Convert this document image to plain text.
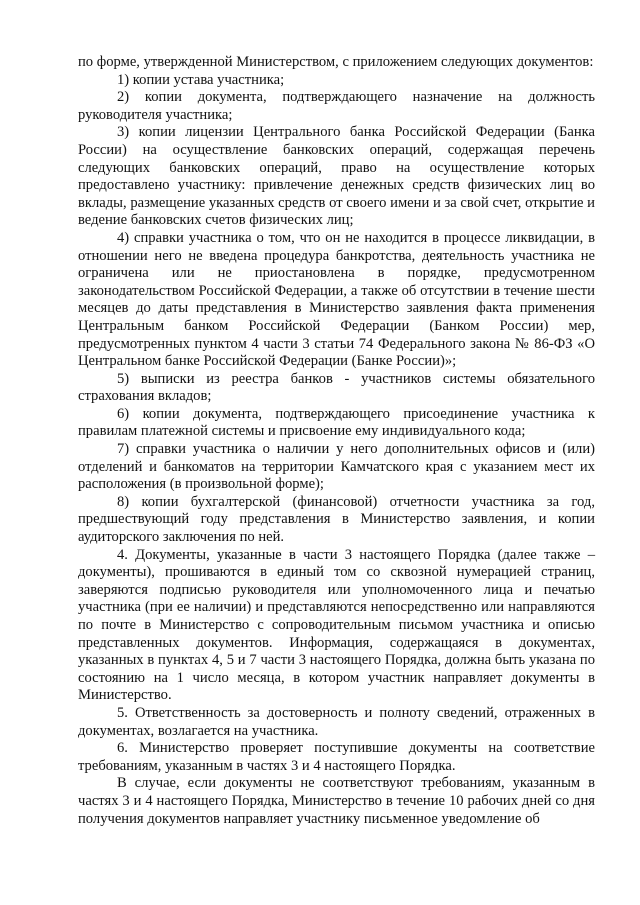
по форме, утвержденной Министерством, с приложением следующих документов:

1) копии устава участника;

2) копии документа, подтверждающего назначение на должность руководителя участника;

3) копии лицензии Центрального банка Российской Федерации (Банка России) на осуществление банковских операций, содержащая перечень следующих банковских операций, право на осуществление которых предоставлено участнику: привлечение денежных средств физических лиц во вклады, размещение указанных средств от своего имени и за свой счет, открытие и ведение банковских счетов физических лиц;

4) справки участника о том, что он не находится в процессе ликвидации, в отношении него не введена процедура банкротства, деятельность участника не ограничена или не приостановлена в порядке, предусмотренном законодательством Российской Федерации, а также об отсутствии в течение шести месяцев до даты представления в Министерство заявления факта применения Центральным банком Российской Федерации (Банком России) мер, предусмотренных пунктом 4 части 3 статьи 74 Федерального закона № 86-ФЗ «О Центральном банке Российской Федерации (Банке России)»;

5) выписки из реестра банков - участников системы обязательного страхования вкладов;

6) копии документа, подтверждающего присоединение участника к правилам платежной системы и присвоение ему индивидуального кода;

7) справки участника о наличии у него дополнительных офисов и (или) отделений и банкоматов на территории Камчатского края с указанием мест их расположения (в произвольной форме);

8) копии бухгалтерской (финансовой) отчетности участника за год, предшествующий году представления в Министерство заявления, и копии аудиторского заключения по ней.

4. Документы, указанные в части 3 настоящего Порядка (далее также – документы), прошиваются в единый том со сквозной нумерацией страниц, заверяются подписью руководителя или уполномоченного лица и печатью участника (при ее наличии) и представляются непосредственно или направляются по почте в Министерство с сопроводительным письмом участника и описью представленных документов. Информация, содержащаяся в документах, указанных в пунктах 4, 5 и 7 части 3 настоящего Порядка, должна быть указана по состоянию на 1 число месяца, в котором участник направляет документы в Министерство.

5. Ответственность за достоверность и полноту сведений, отраженных в документах, возлагается на участника.

6. Министерство проверяет поступившие документы на соответствие требованиям, указанным в частях 3 и 4 настоящего Порядка.

В случае, если документы не соответствуют требованиям, указанным в частях 3 и 4 настоящего Порядка, Министерство в течение 10 рабочих дней со дня получения документов направляет участнику письменное уведомление об
